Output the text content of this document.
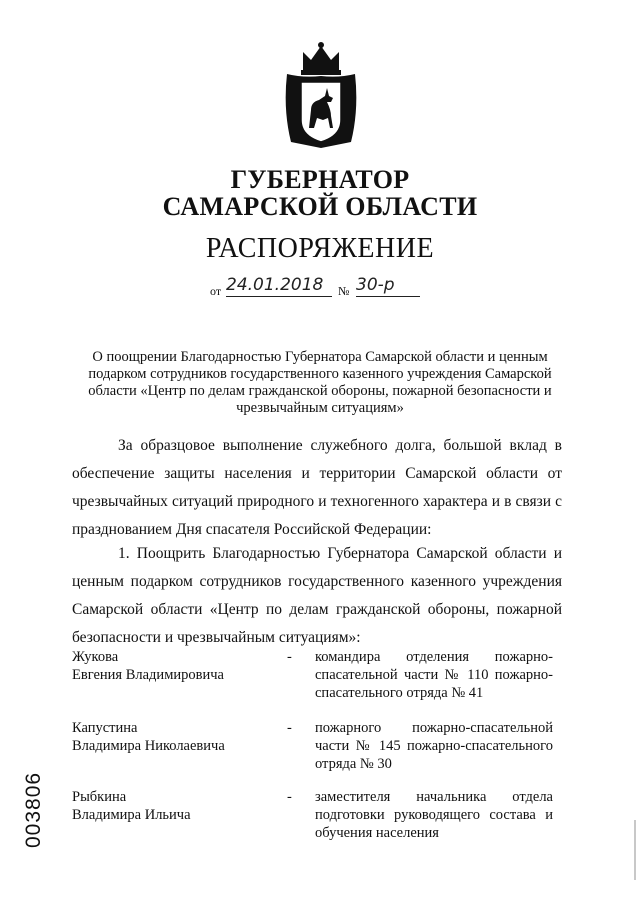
ГУБЕРНАТОР
САМАРСКОЙ ОБЛАСТИ
РАСПОРЯЖЕНИЕ
от 24.01.2018	№ 30-р
О поощрении Благодарностью Губернатора Самарской области и ценным подарком сотрудников государственного казенного учреждения Самарской области «Центр по делам гражданской обороны, пожарной безопасности и чрезвычайным ситуациям»
За образцовое выполнение служебного долга, большой вклад в обеспечение защиты населения и территории Самарской области от чрезвычайных ситуаций природного и техногенного характера и в связи с празднованием Дня спасателя Российской Федерации:
1. Поощрить Благодарностью Губернатора Самарской области и ценным подарком сотрудников государственного казенного учреждения Самарской области «Центр по делам гражданской обороны, пожарной безопасности и чрезвычайным ситуациям»:
Жукова
Евгения Владимировича
- командира отделения пожарно-спасательной части № 110 пожарно-спасательного отряда № 41
Капустина
Владимира Николаевича
- пожарного пожарно-спасательной части № 145 пожарно-спасательного отряда № 30
Рыбкина
Владимира Ильича
- заместителя начальника отдела подготовки руководящего состава и обучения населения
003806
